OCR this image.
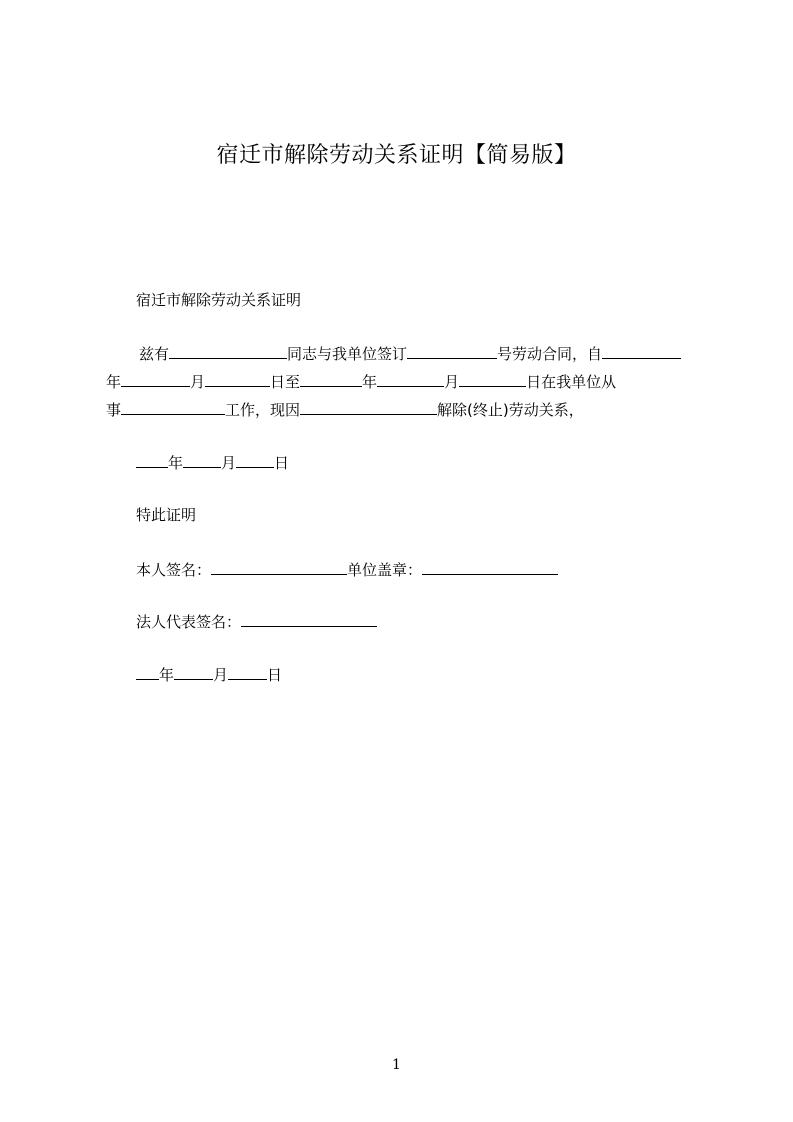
宿迁市解除劳动关系证明【简易版】
宿迁市解除劳动关系证明
兹有	同志与我单位签订	号劳动合同，自
年	月	日至	年	月	日在我单位从
事	工作，现因	解除(终止)劳动关系，
年	月	日
特此证明
本人签名：	单位盖章：
法人代表签名：
年	月	日
1
